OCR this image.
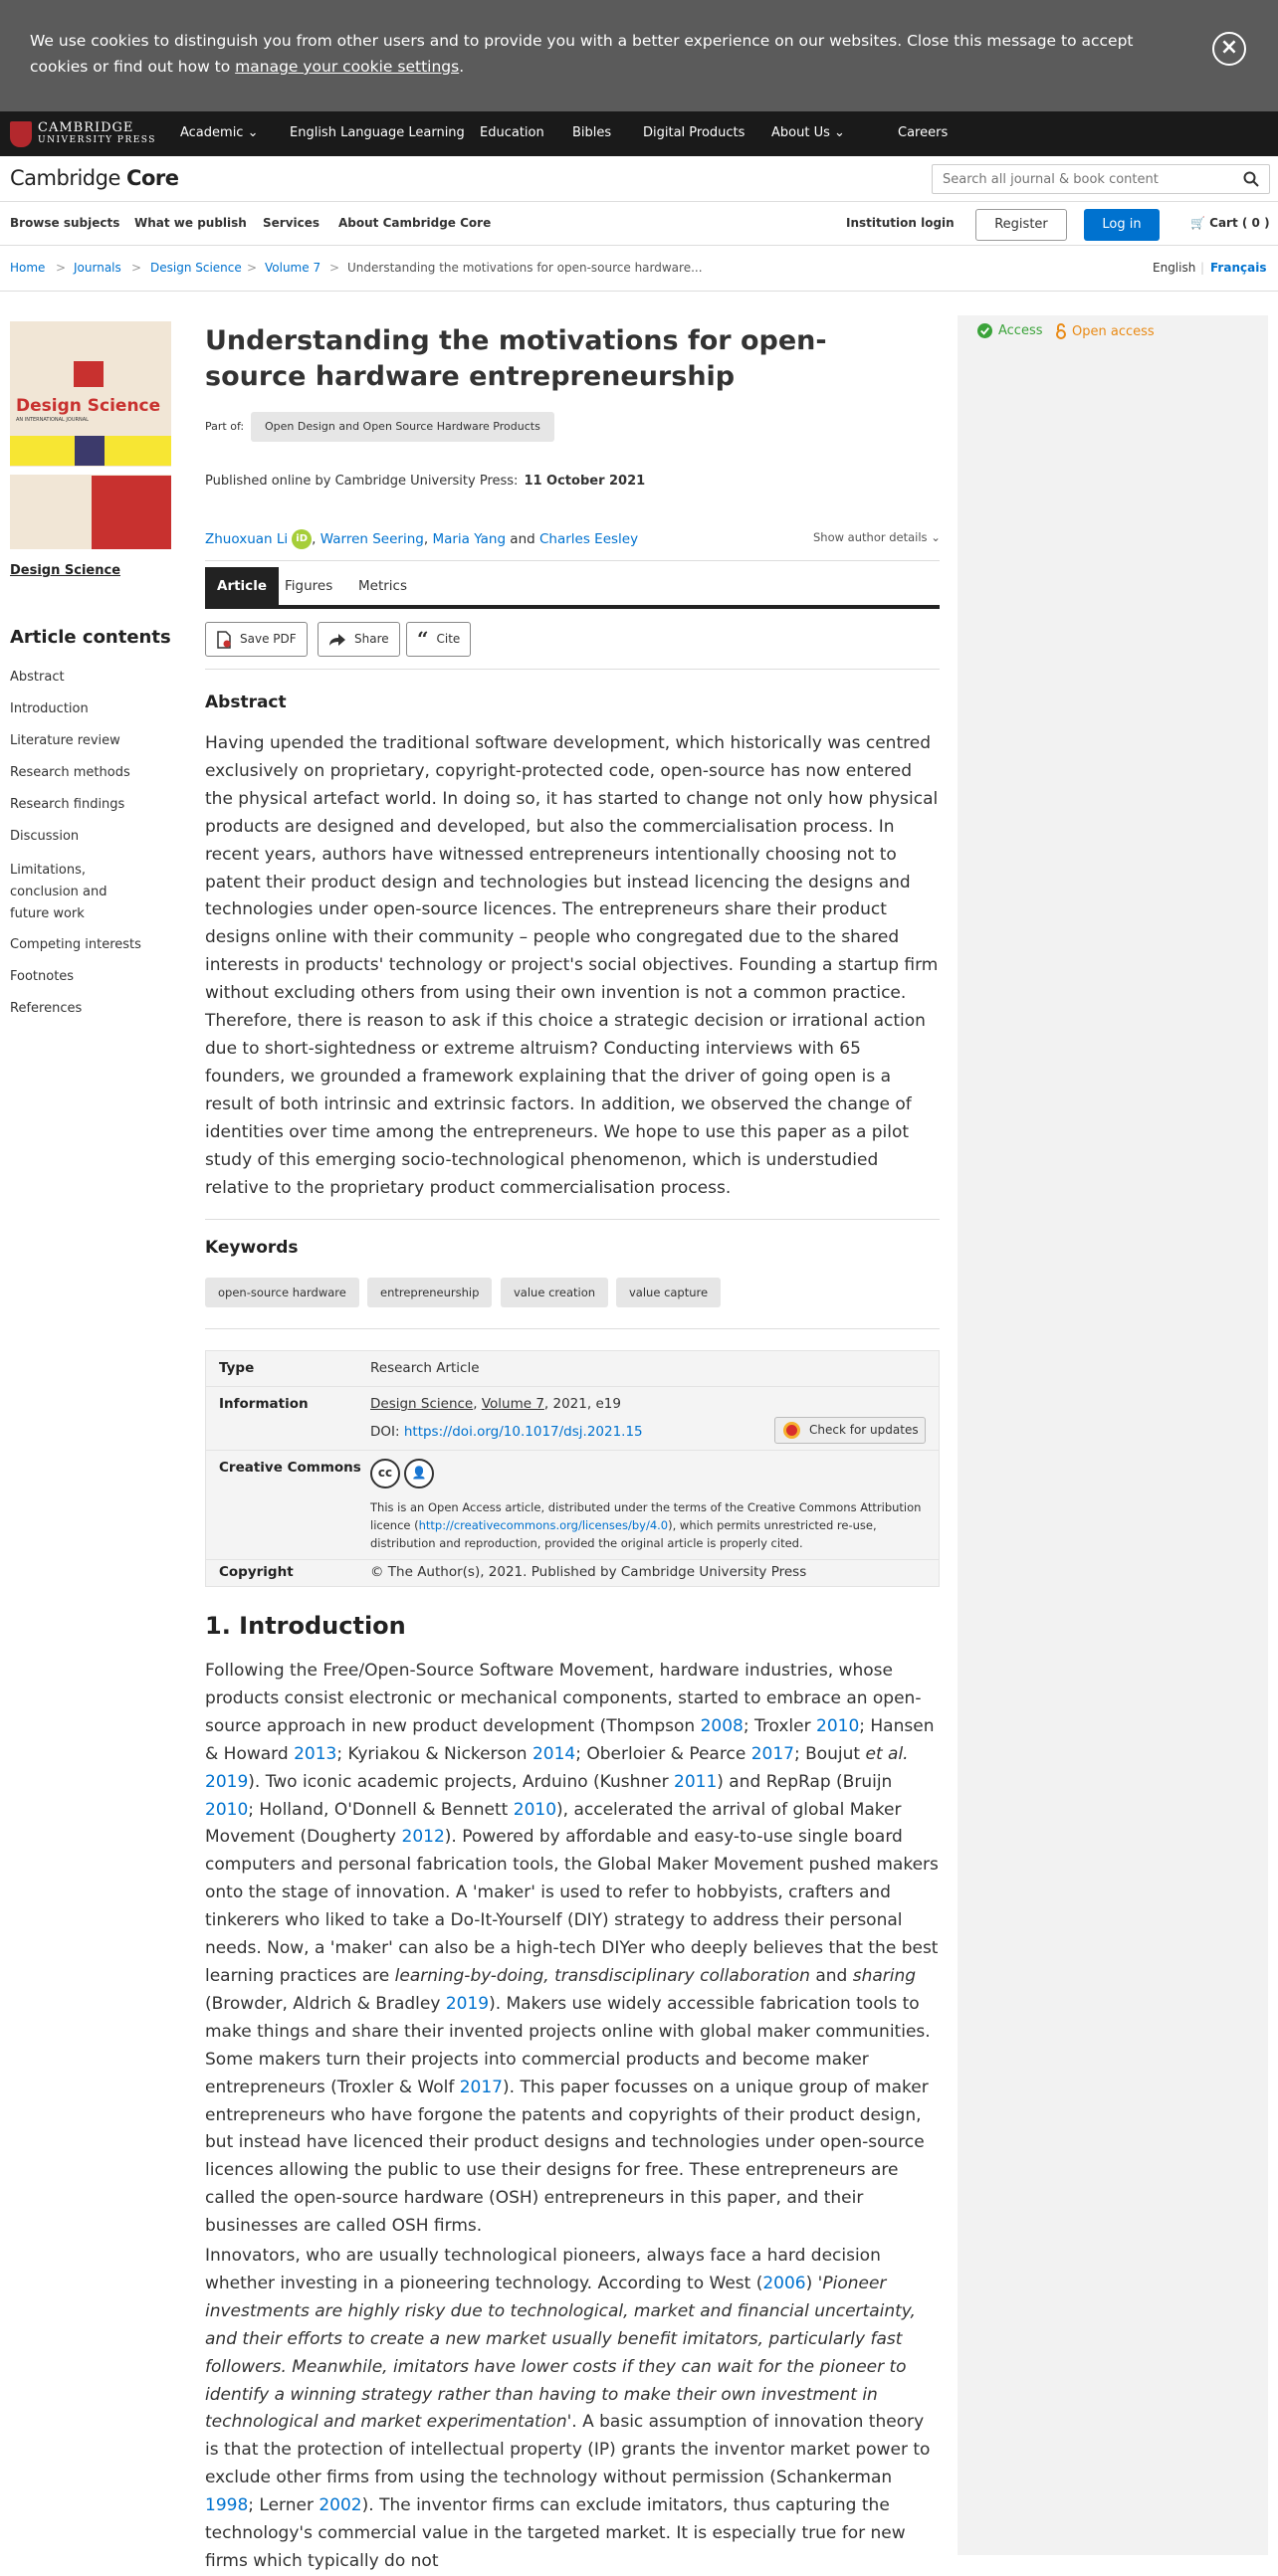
We use cookies to distinguish you from other users and to provide you with a better experience on our websites. Close this message to accept cookies or find out how to manage your cookie settings.

×
CAMBRIDGE
UNIVERSITY PRESS Academic ⌄ English Language Learning Education Bibles Digital Products About Us ⌄	Careers
Cambridge Core
Search all journal & book content
Browse subjects What we publish Services About Cambridge Core	Institution login	Register	Log in	🛒 Cart ( 0 )
Home > Journals > Design Science > Volume 7 > Understanding the motivations for open-source hardware...	English | Français
Design Science
AN INTERNATIONAL JOURNAL
Design Science
Article contents
Abstract
Introduction
Literature review
Research methods
Research findings
Discussion
Limitations,
conclusion and
future work
Competing interests
Footnotes
References
Access Open access
Understanding the motivations for open-source hardware entrepreneurship
Part of:	Open Design and Open Source Hardware Products
Published online by Cambridge University Press: 11 October 2021
Zhuoxuan Li iD , Warren Seering , Maria Yang and Charles Eesley	Show author details ⌄
Article	Figures	Metrics
Save PDF	Share “ Cite
Abstract

Having upended the traditional software development, which historically was centred exclusively on proprietary, copyright-protected code, open-source has now entered the physical artefact world. In doing so, it has started to change not only how physical products are designed and developed, but also the commercialisation process. In recent years, authors have witnessed entrepreneurs intentionally choosing not to patent their product design and technologies but instead licencing the designs and technologies under open-source licences. The entrepreneurs share their product designs online with their community – people who congregated due to the shared interests in products' technology or project's social objectives. Founding a startup firm without excluding others from using their own invention is not a common practice. Therefore, there is reason to ask if this choice a strategic decision or irrational action due to short-sightedness or extreme altruism? Conducting interviews with 65 founders, we grounded a framework explaining that the driver of going open is a result of both intrinsic and extrinsic factors. In addition, we observed the change of identities over time among the entrepreneurs. We hope to use this paper as a pilot study of this emerging socio-technological phenomenon, which is understudied relative to the proprietary product commercialisation process.

Keywords
open-source hardware	entrepreneurship	value creation	value capture
Type	Research Article
Information	Design Science, Volume 7, 2021, e19
DOI: https://doi.org/10.1017/dsj.2021.15	Check for updates
Creative Commons	cc	👤

This is an Open Access article, distributed under the terms of the Creative Commons Attribution licence (http://creativecommons.org/licenses/by/4.0), which permits unrestricted re-use, distribution and reproduction, provided the original article is properly cited.

Copyright	© The Author(s), 2021. Published by Cambridge University Press
1. Introduction

Following the Free/Open-Source Software Movement, hardware industries, whose products consist electronic or mechanical components, started to embrace an open-source approach in new product development (Thompson 2008; Troxler 2010; Hansen & Howard 2013; Kyriakou & Nickerson 2014; Oberloier & Pearce 2017; Boujut et al. 2019). Two iconic academic projects, Arduino (Kushner 2011) and RepRap (Bruijn 2010; Holland, O'Donnell & Bennett 2010), accelerated the arrival of global Maker Movement (Dougherty 2012). Powered by affordable and easy-to-use single board computers and personal fabrication tools, the Global Maker Movement pushed makers onto the stage of innovation. A 'maker' is used to refer to hobbyists, crafters and tinkerers who liked to take a Do-It-Yourself (DIY) strategy to address their personal needs. Now, a 'maker' can also be a high-tech DIYer who deeply believes that the best learning practices are learning-by-doing, transdisciplinary collaboration and sharing (Browder, Aldrich & Bradley 2019). Makers use widely accessible fabrication tools to make things and share their invented projects online with global maker communities. Some makers turn their projects into commercial products and become maker entrepreneurs (Troxler & Wolf 2017). This paper focusses on a unique group of maker entrepreneurs who have forgone the patents and copyrights of their product design, but instead have licenced their product designs and technologies under open-source licences allowing the public to use their designs for free. These entrepreneurs are called the open-source hardware (OSH) entrepreneurs in this paper, and their businesses are called OSH firms.

Innovators, who are usually technological pioneers, always face a hard decision whether investing in a pioneering technology. According to West (2006) 'Pioneer investments are highly risky due to technological, market and financial uncertainty, and their efforts to create a new market usually benefit imitators, particularly fast followers. Meanwhile, imitators have lower costs if they can wait for the pioneer to identify a winning strategy rather than having to make their own investment in technological and market experimentation'. A basic assumption of innovation theory is that the protection of intellectual property (IP) grants the inventor market power to exclude other firms from using the technology without permission (Schankerman 1998; Lerner 2002). The inventor firms can exclude imitators, thus capturing the technology's commercial value in the targeted market. It is especially true for new firms which typically do not
